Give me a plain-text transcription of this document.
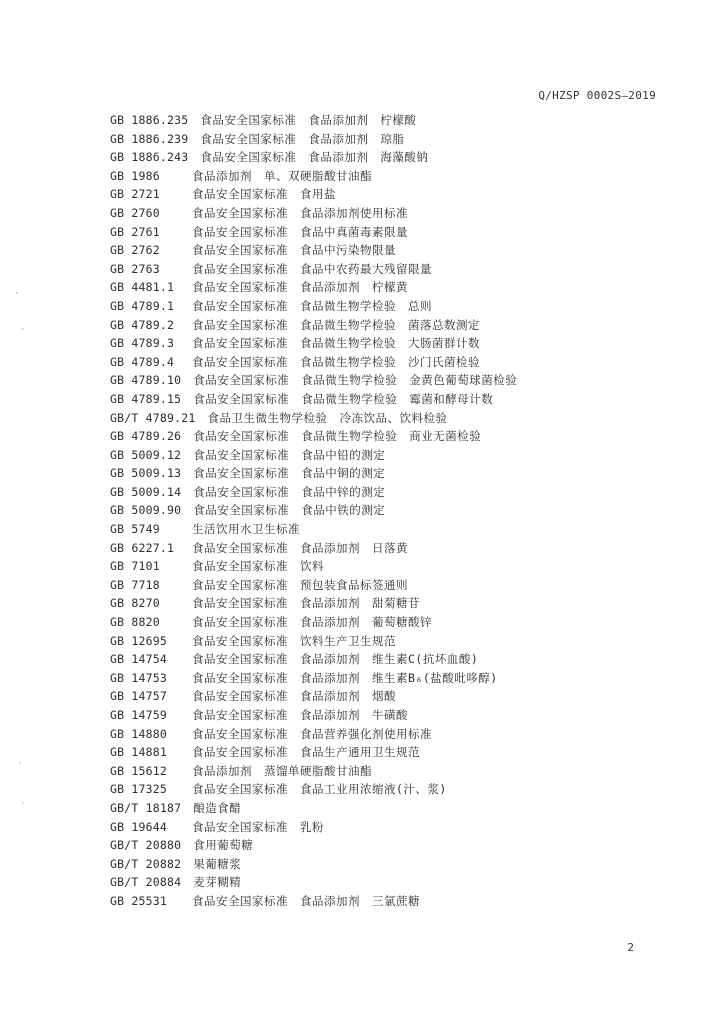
Q/HZSP 0002S—2019
GB 1886.235 食品安全国家标准　食品添加剂　柠檬酸
GB 1886.239 食品安全国家标准　食品添加剂　琼脂
GB 1886.243 食品安全国家标准　食品添加剂　海藻酸钠
GB 1986	食品添加剂　单、双硬脂酸甘油酯
GB 2721	食品安全国家标准　食用盐
GB 2760	食品安全国家标准　食品添加剂使用标准
GB 2761	食品安全国家标准　食品中真菌毒素限量
GB 2762	食品安全国家标准　食品中污染物限量
GB 2763	食品安全国家标准　食品中农药最大残留限量
GB 4481.1	食品安全国家标准　食品添加剂　柠檬黄
GB 4789.1	食品安全国家标准　食品微生物学检验　总则
GB 4789.2	食品安全国家标准　食品微生物学检验　菌落总数测定
GB 4789.3	食品安全国家标准　食品微生物学检验　大肠菌群计数
GB 4789.4	食品安全国家标准　食品微生物学检验　沙门氏菌检验
GB 4789.10 食品安全国家标准　食品微生物学检验　金黄色葡萄球菌检验
GB 4789.15 食品安全国家标准　食品微生物学检验　霉菌和酵母计数
GB/T 4789.21 食品卫生微生物学检验　冷冻饮品、饮料检验
GB 4789.26 食品安全国家标准　食品微生物学检验　商业无菌检验
GB 5009.12 食品安全国家标准　食品中铅的测定
GB 5009.13 食品安全国家标准　食品中铜的测定
GB 5009.14 食品安全国家标准　食品中锌的测定
GB 5009.90 食品安全国家标准　食品中铁的测定
GB 5749	生活饮用水卫生标准
GB 6227.1	食品安全国家标准　食品添加剂　日落黄
GB 7101	食品安全国家标准　饮料
GB 7718	食品安全国家标准　预包装食品标签通则
GB 8270	食品安全国家标准　食品添加剂　甜菊糖苷
GB 8820	食品安全国家标准　食品添加剂　葡萄糖酸锌
GB 12695	食品安全国家标准　饮料生产卫生规范
GB 14754	食品安全国家标准　食品添加剂　维生素C(抗坏血酸)
GB 14753	食品安全国家标准　食品添加剂　维生素B₆(盐酸吡哆醇)
GB 14757	食品安全国家标准　食品添加剂　烟酸
GB 14759	食品安全国家标准　食品添加剂　牛磺酸
GB 14880	食品安全国家标准　食品营养强化剂使用标准
GB 14881	食品安全国家标准　食品生产通用卫生规范
GB 15612	食品添加剂　蒸馏单硬脂酸甘油酯
GB 17325	食品安全国家标准　食品工业用浓缩液(汁、浆)
GB/T 18187 酿造食醋
GB 19644	食品安全国家标准　乳粉
GB/T 20880 食用葡萄糖
GB/T 20882 果葡糖浆
GB/T 20884 麦芽糊精
GB 25531	食品安全国家标准　食品添加剂　三氯蔗糖
2
·
·
·
·
